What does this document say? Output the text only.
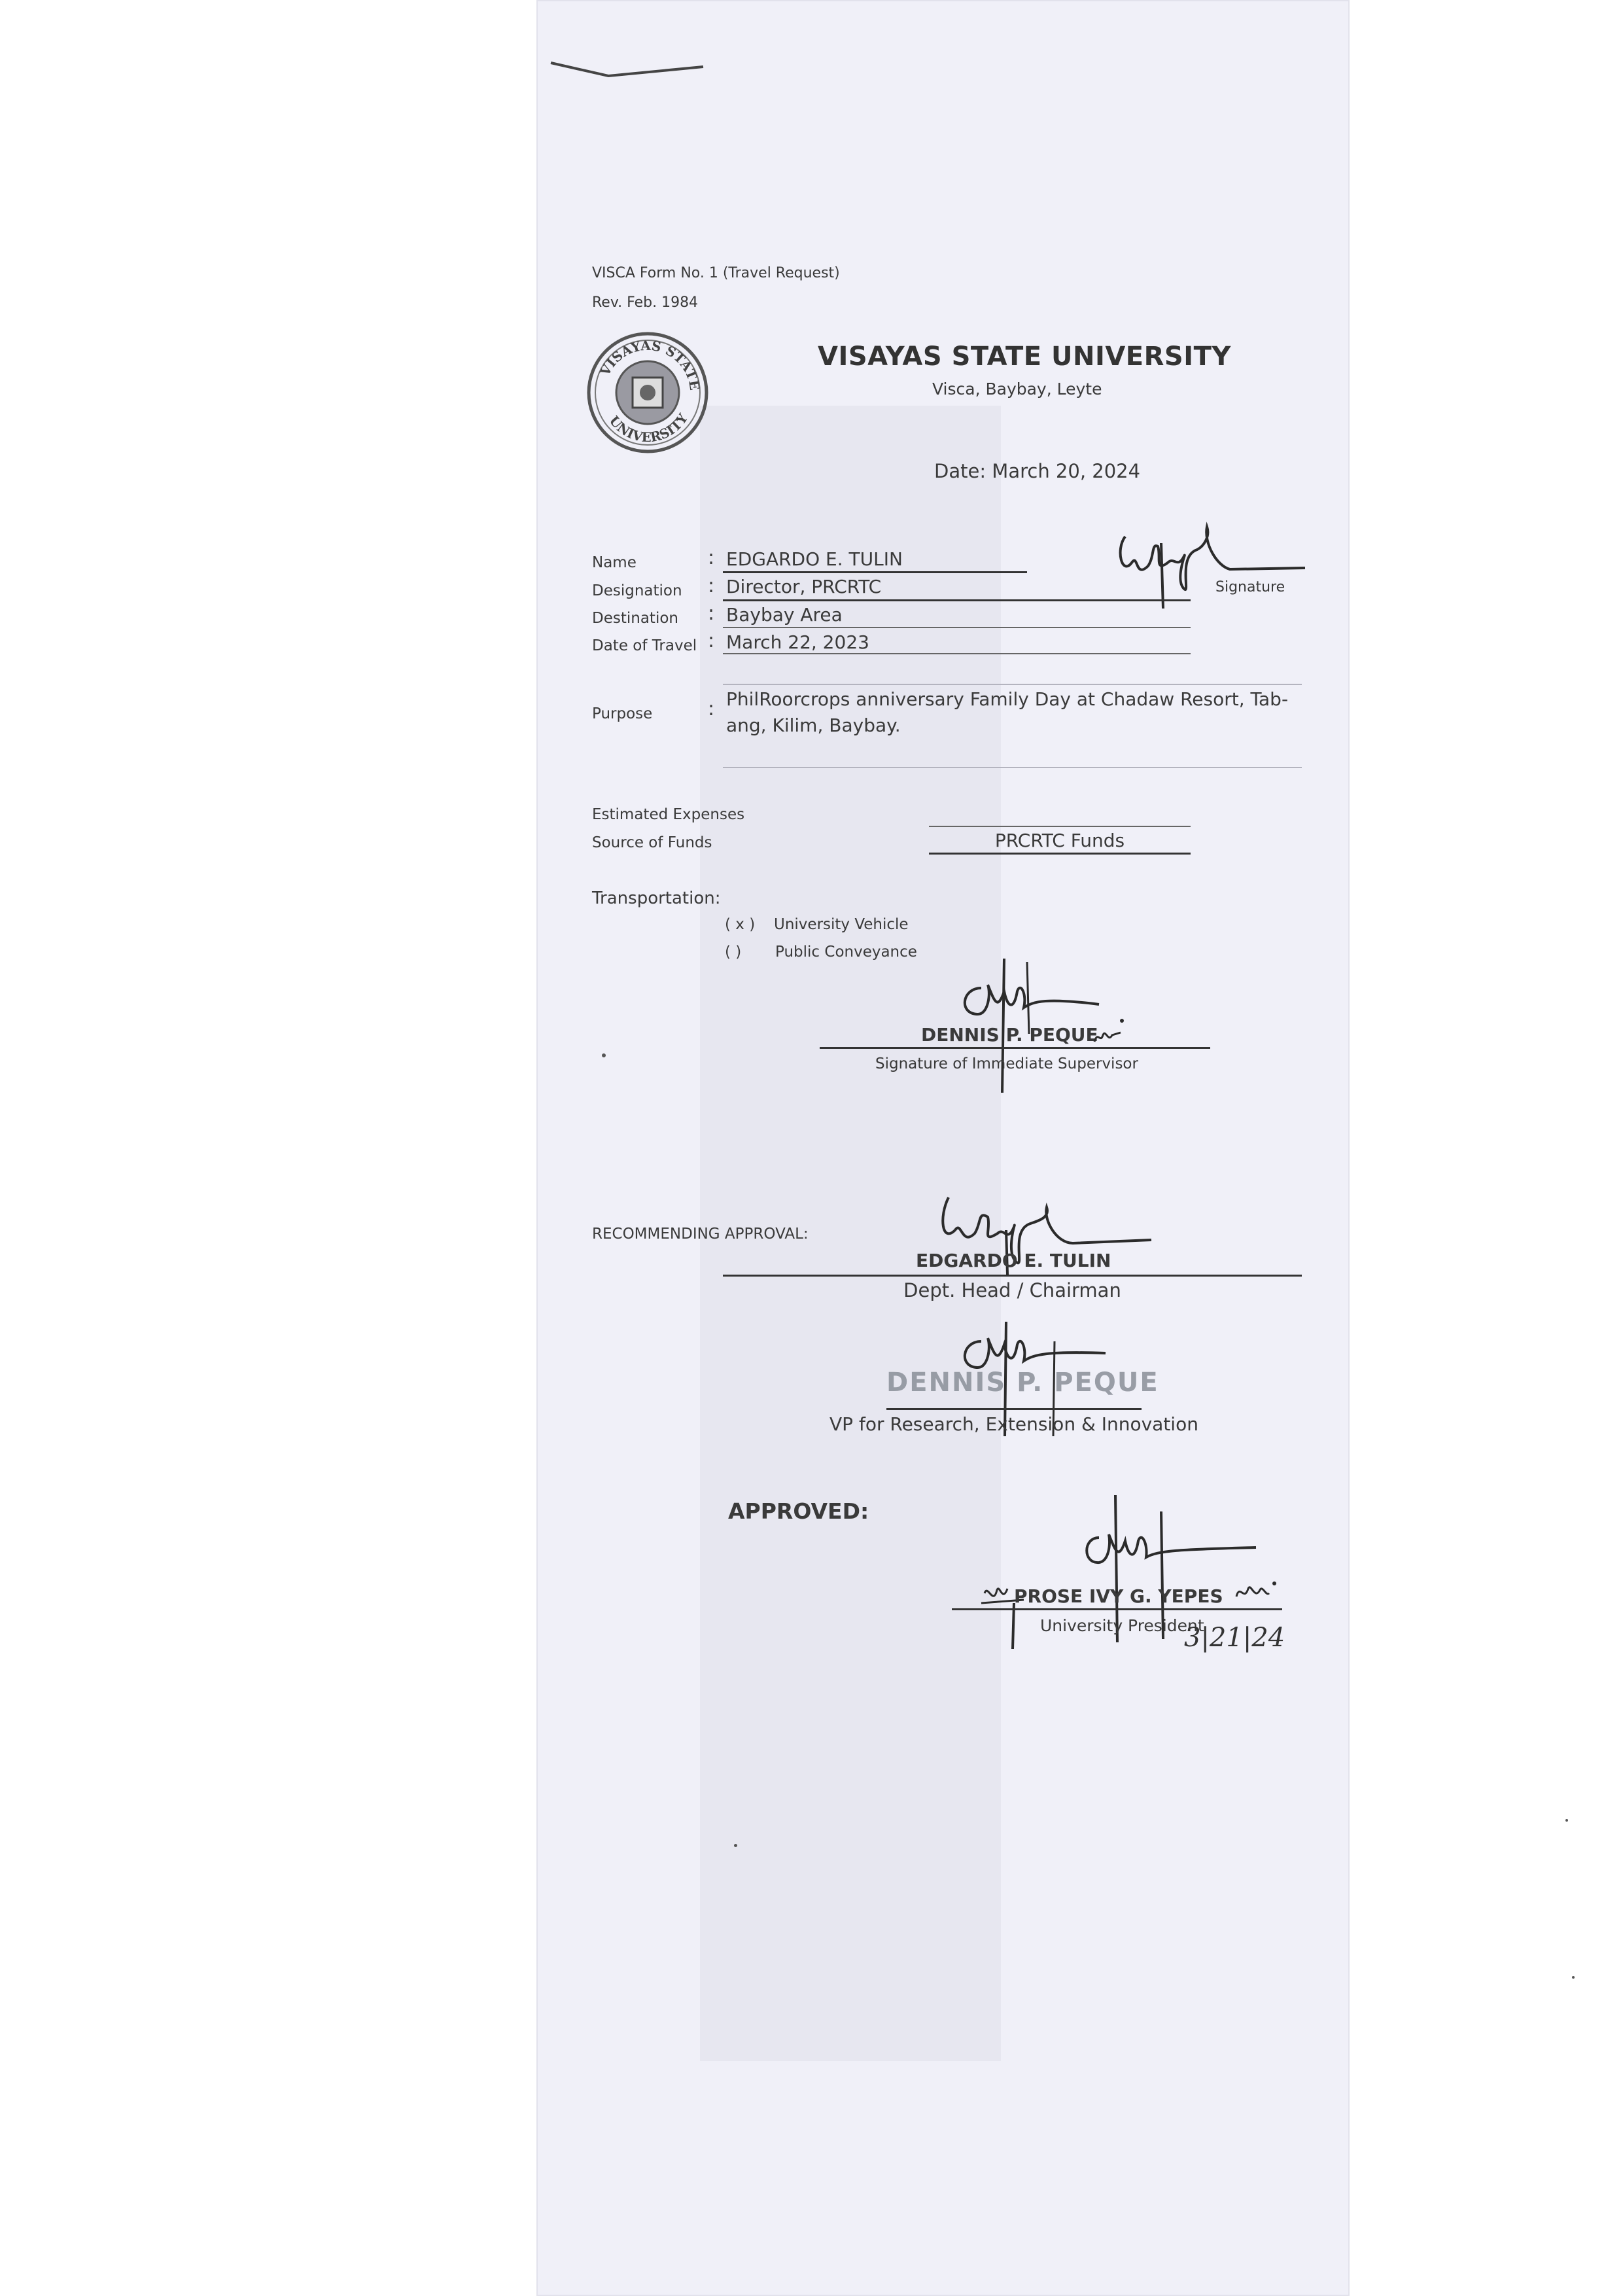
VISCA Form No. 1 (Travel Request)
Rev. Feb. 1984
VISAYAS STATE
UNIVERSITY
VISAYAS STATE UNIVERSITY
Visca, Baybay, Leyte
Date: March 20, 2024
Name	: EDGARDO E. TULIN
Designation : Director, PRCRTC	Signature
Destination : Baybay Area
Date of Travel : March 22, 2023
Purpose	: PhilRoorcrops anniversary Family Day at Chadaw Resort, Tab-
ang, Kilim, Baybay.
Estimated Expenses
Source of Funds	PRCRTC Funds
Transportation:
( x ) University Vehicle
( ) Public Conveyance
DENNIS P. PEQUE
Signature of Immediate Supervisor
RECOMMENDING APPROVAL:
EDGARDO E. TULIN
Dept. Head / Chairman
DENNIS P. PEQUE
VP for Research, Extension & Innovation
APPROVED:
PROSE IVY G. YEPES
University President
3|21|24
